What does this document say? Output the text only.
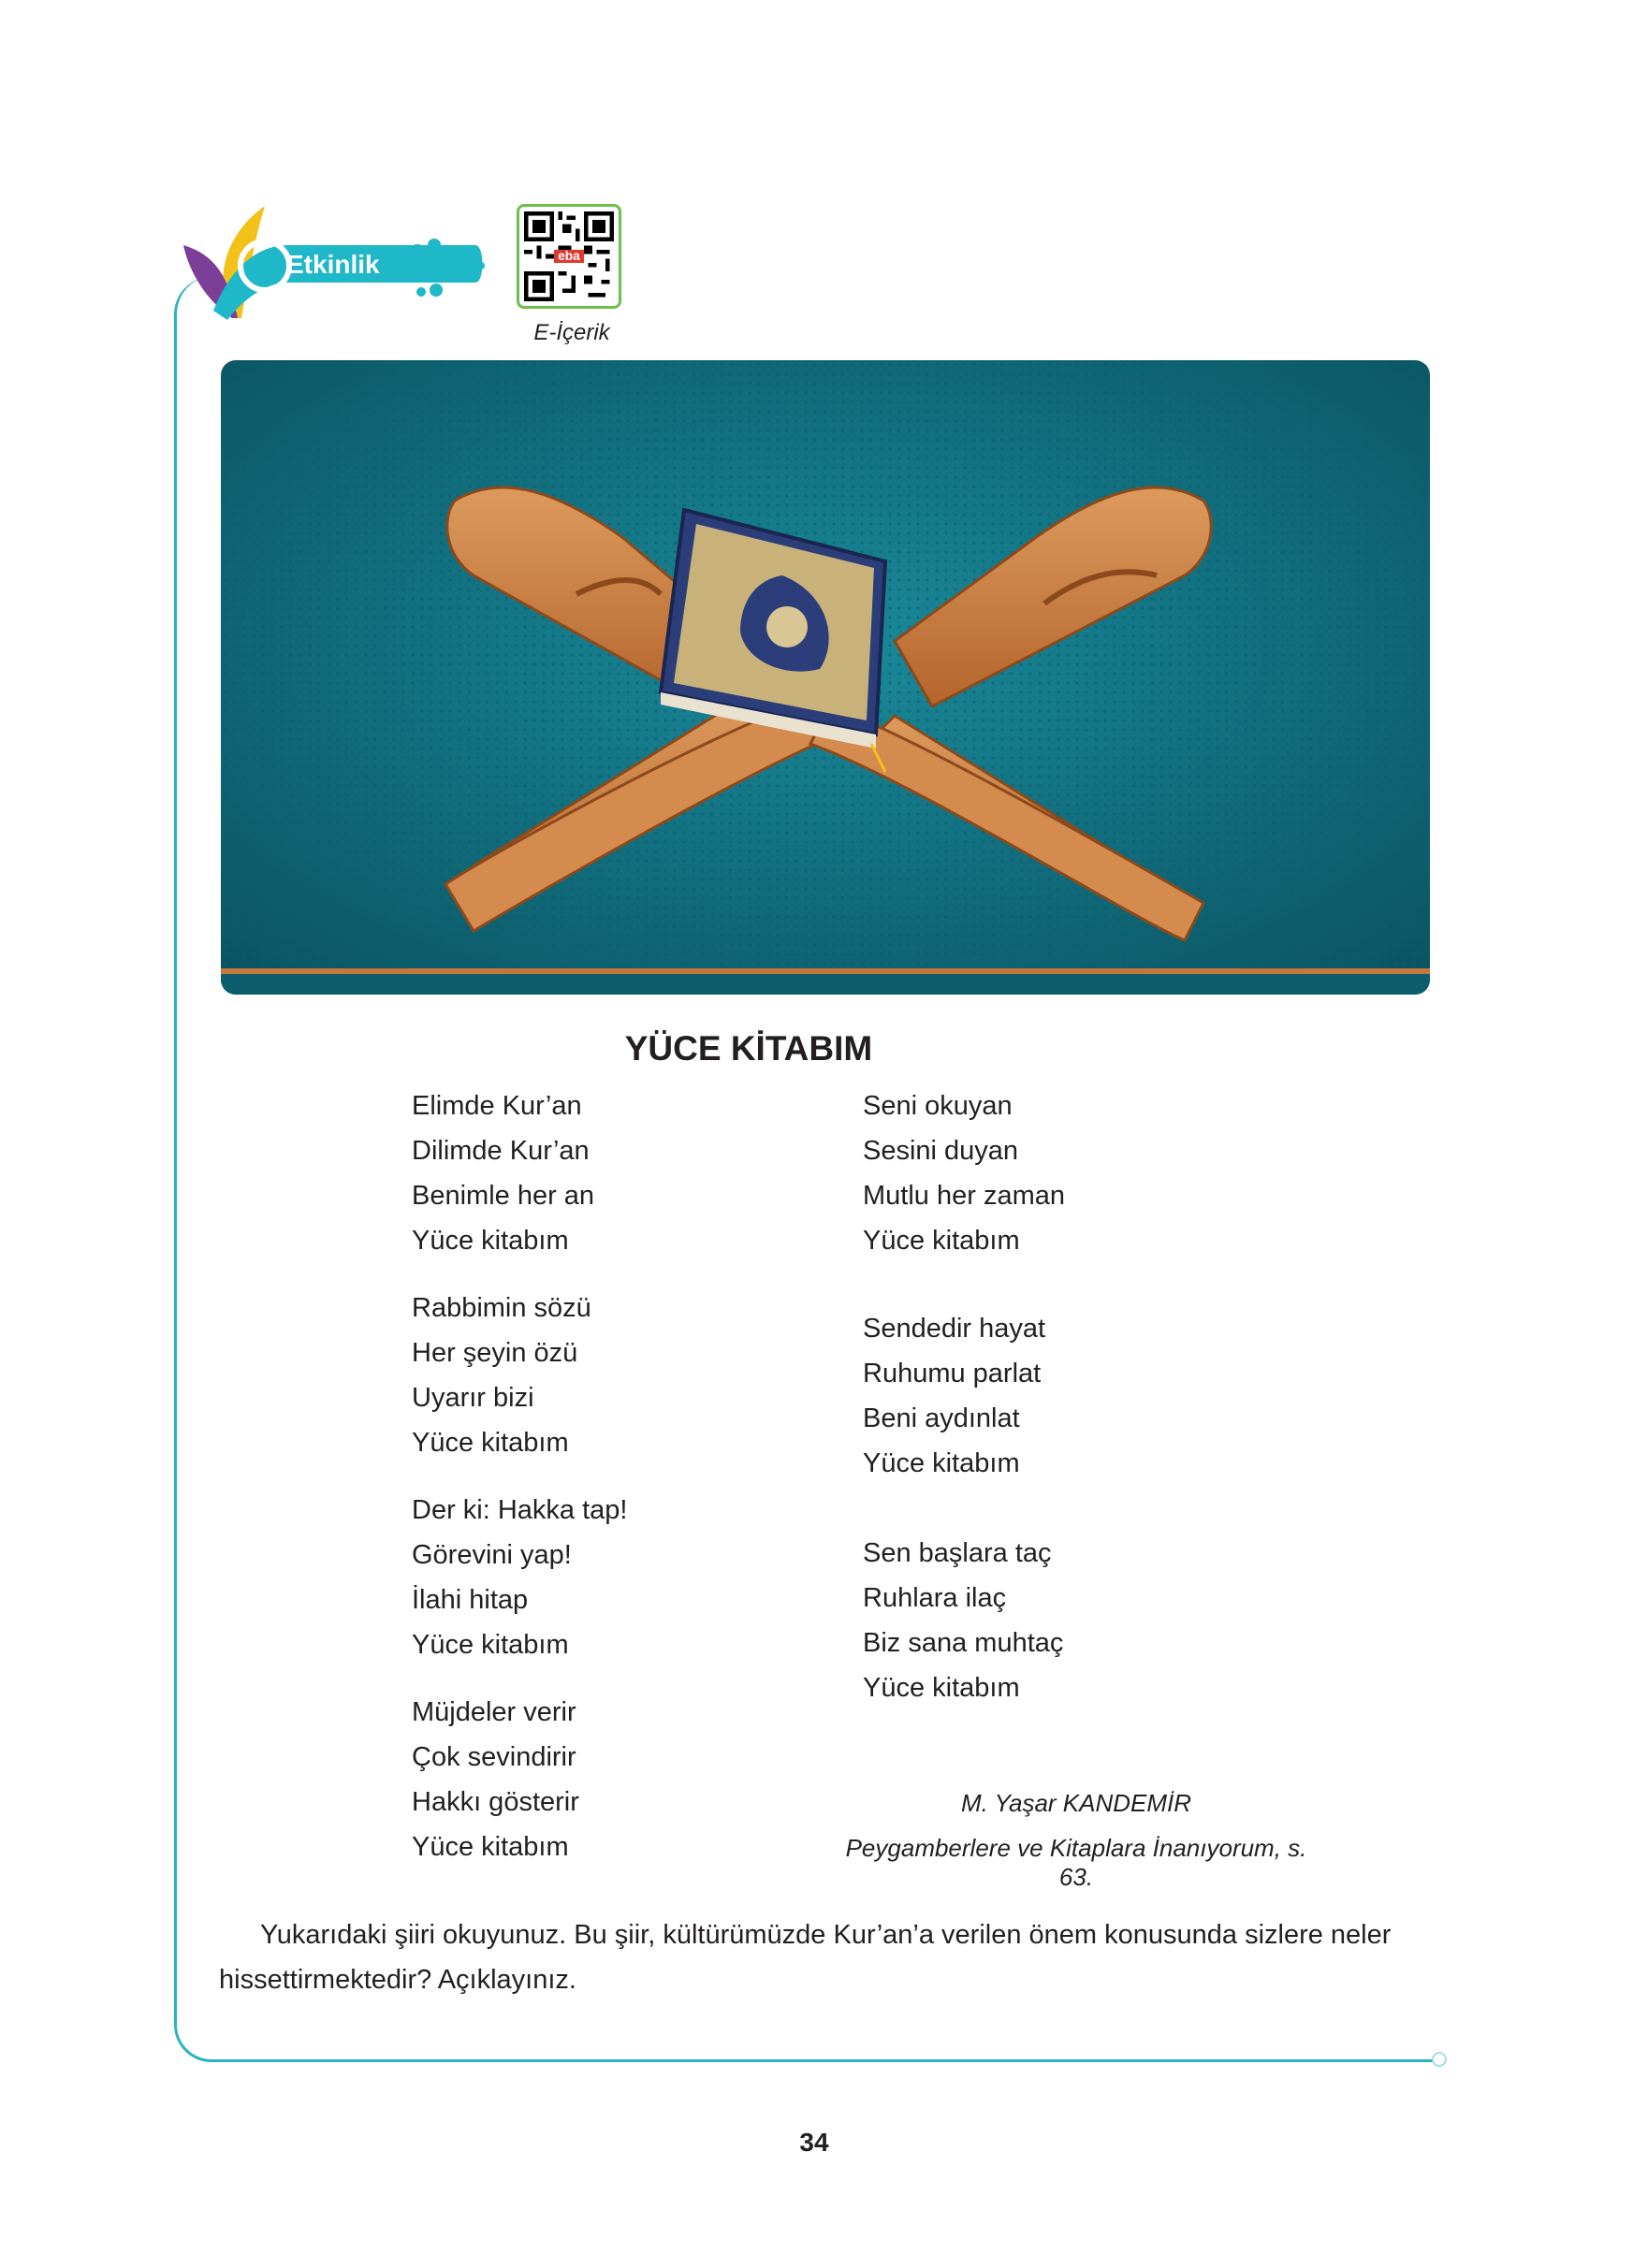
Etkinlik	eba
E-İçerik
YÜCE KİTABIM
Elimde Kur’an
Dilimde Kur’an
Benimle her an
Yüce kitabım
Rabbimin sözü
Her şeyin özü
Uyarır bizi
Yüce kitabım
Der ki: Hakka tap!
Görevini yap!
İlahi hitap
Yüce kitabım
Müjdeler verir
Çok sevindirir
Hakkı gösterir
Yüce kitabım
Seni okuyan
Sesini duyan
Mutlu her zaman
Yüce kitabım
Sendedir hayat
Ruhumu parlat
Beni aydınlat
Yüce kitabım
Sen başlara taç
Ruhlara ilaç
Biz sana muhtaç
Yüce kitabım
M. Yaşar KANDEMİR
Peygamberlere ve Kitaplara İnanıyorum, s. 63.

Yukarıdaki şiiri okuyunuz. Bu şiir, kültürümüzde Kur’an’a verilen önem konusunda sizlere neler

hissettirmektedir? Açıklayınız.
34
